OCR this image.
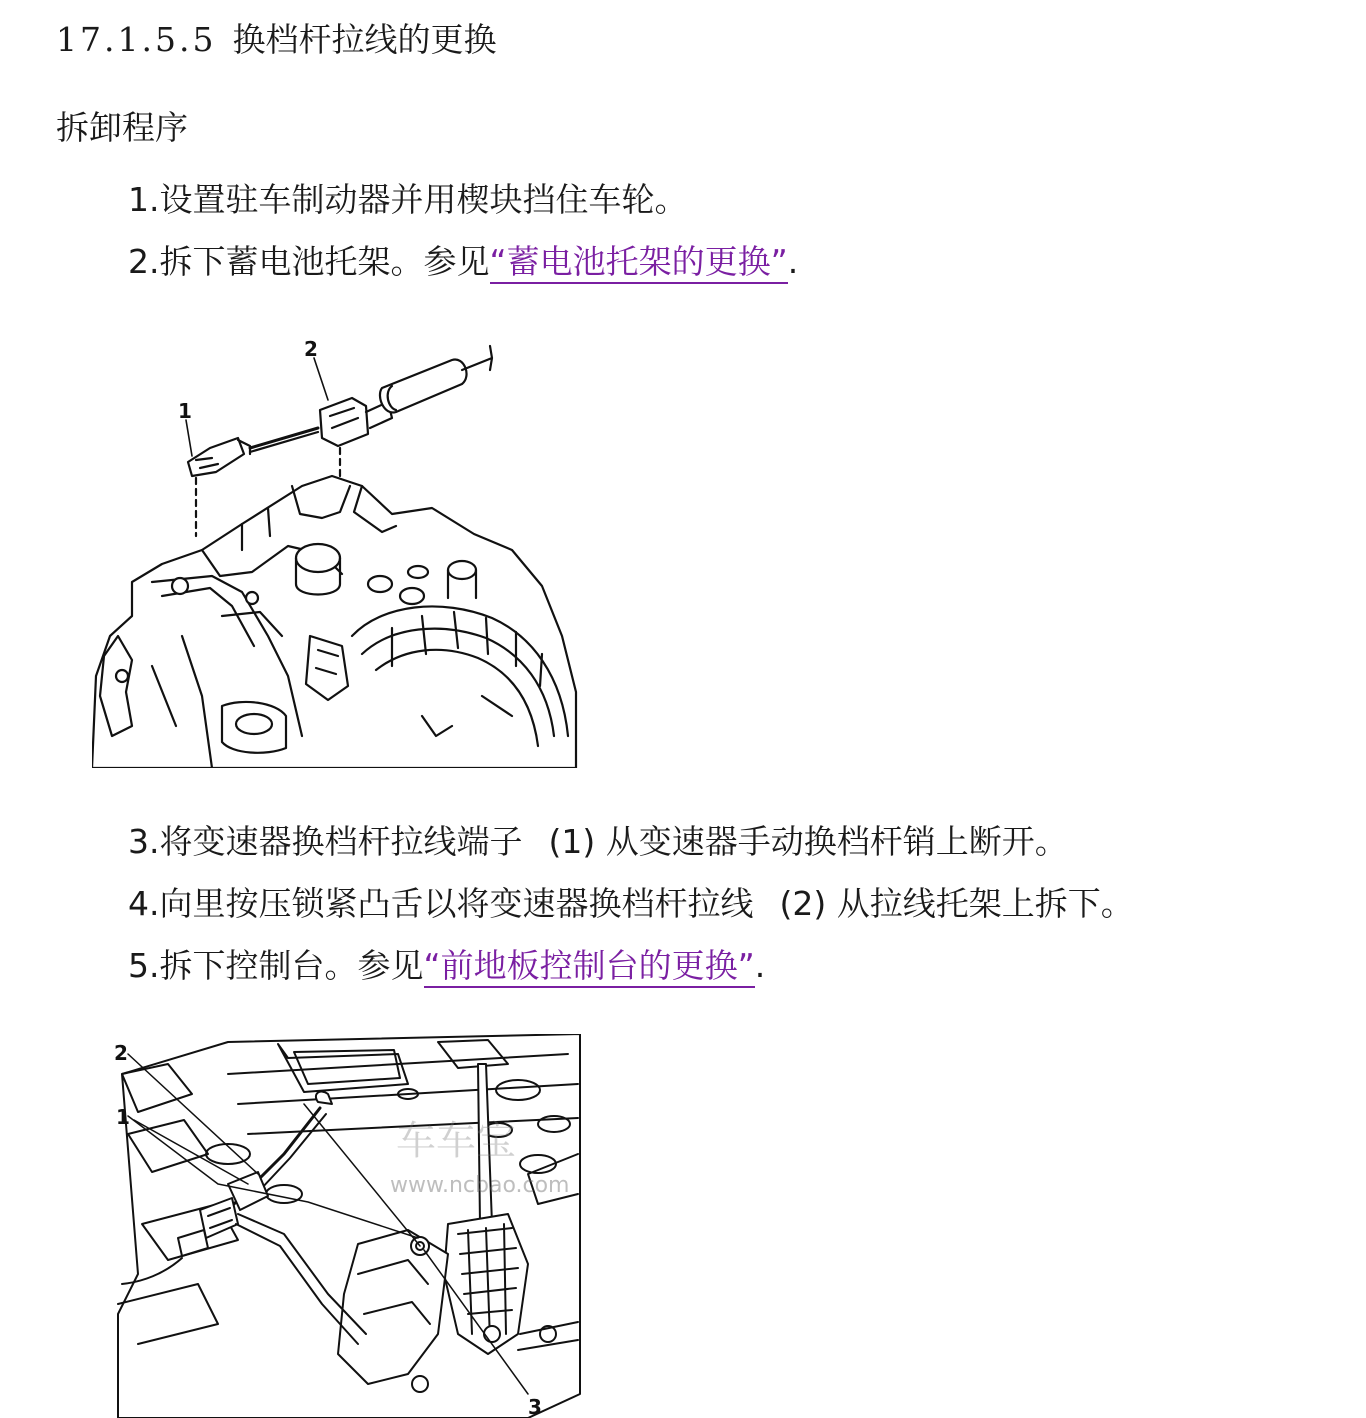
17.1.5.5 换档杆拉线的更换
拆卸程序
1.设置驻车制动器并用楔块挡住车轮。
2.拆下蓄电池托架。参见“蓄电池托架的更换”.
1
2
3.将变速器换档杆拉线端子 (1) 从变速器手动换档杆销上断开。
4.向里按压锁紧凸舌以将变速器换档杆拉线 (2) 从拉线托架上拆下。
5.拆下控制台。参见“前地板控制台的更换”.
2
1
3
车车宝
www.ncbao.com
